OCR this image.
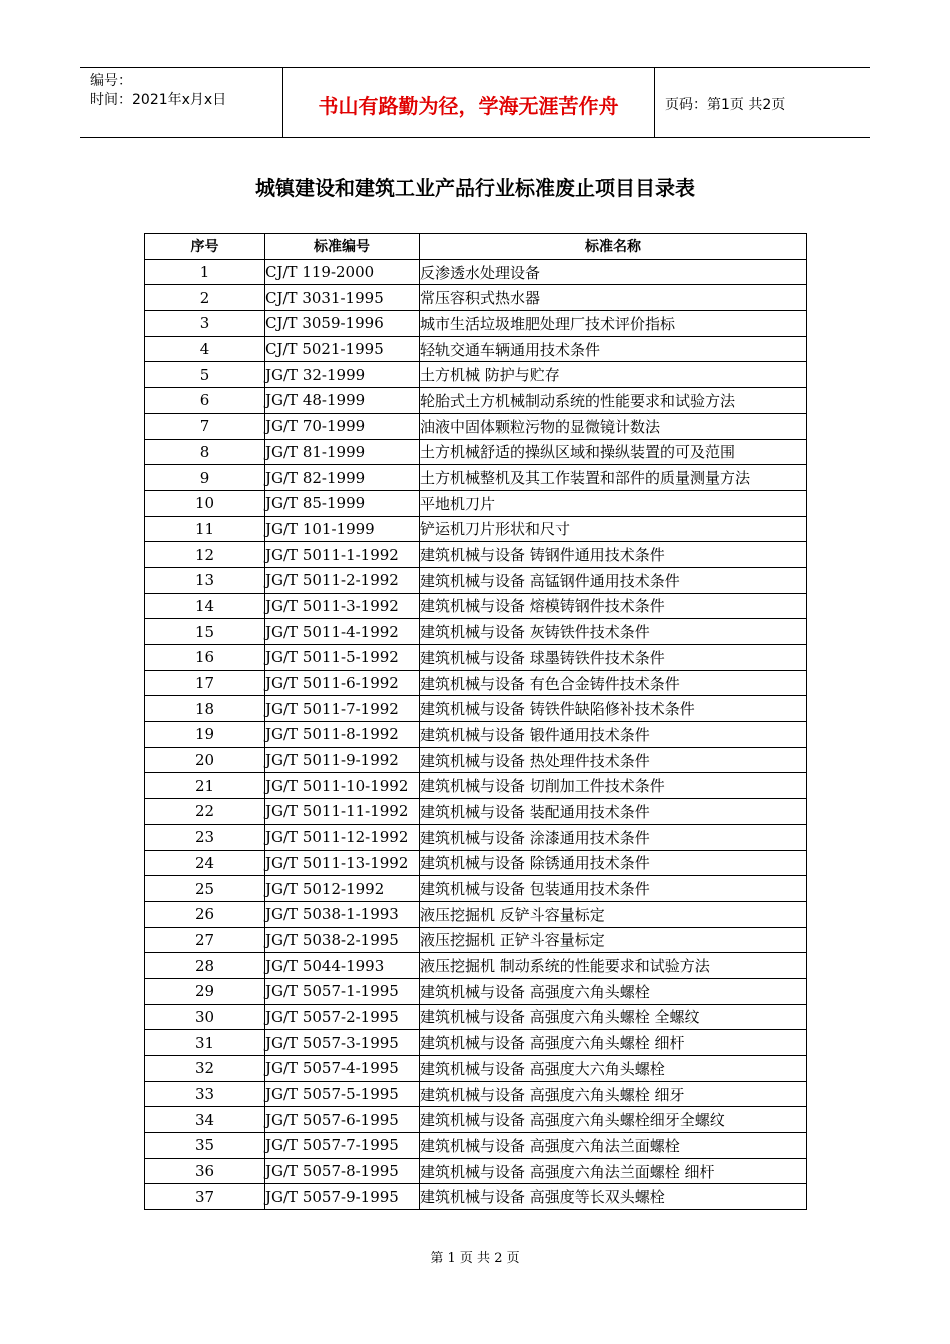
编号：
时间：2021年x月x日	书山有路勤为径，学海无涯苦作舟	页码：第1页 共2页
城镇建设和建筑工业产品行业标准废止项目目录表
序号	标准编号	标准名称
1	CJ/T 119-2000	反渗透水处理设备
2	CJ/T 3031-1995	常压容积式热水器
3	CJ/T 3059-1996	城市生活垃圾堆肥处理厂技术评价指标
4	CJ/T 5021-1995	轻轨交通车辆通用技术条件
5	JG/T 32-1999	土方机械 防护与贮存
6	JG/T 48-1999	轮胎式土方机械制动系统的性能要求和试验方法
7	JG/T 70-1999	油液中固体颗粒污物的显微镜计数法
8	JG/T 81-1999	土方机械舒适的操纵区域和操纵装置的可及范围
9	JG/T 82-1999	土方机械整机及其工作装置和部件的质量测量方法
10	JG/T 85-1999	平地机刀片
11	JG/T 101-1999	铲运机刀片形状和尺寸
12	JG/T 5011-1-1992	建筑机械与设备 铸钢件通用技术条件
13	JG/T 5011-2-1992	建筑机械与设备 高锰钢件通用技术条件
14	JG/T 5011-3-1992	建筑机械与设备 熔模铸钢件技术条件
15	JG/T 5011-4-1992	建筑机械与设备 灰铸铁件技术条件
16	JG/T 5011-5-1992	建筑机械与设备 球墨铸铁件技术条件
17	JG/T 5011-6-1992	建筑机械与设备 有色合金铸件技术条件
18	JG/T 5011-7-1992	建筑机械与设备 铸铁件缺陷修补技术条件
19	JG/T 5011-8-1992	建筑机械与设备 锻件通用技术条件
20	JG/T 5011-9-1992	建筑机械与设备 热处理件技术条件
21	JG/T 5011-10-1992	建筑机械与设备 切削加工件技术条件
22	JG/T 5011-11-1992	建筑机械与设备 装配通用技术条件
23	JG/T 5011-12-1992	建筑机械与设备 涂漆通用技术条件
24	JG/T 5011-13-1992	建筑机械与设备 除锈通用技术条件
25	JG/T 5012-1992	建筑机械与设备 包装通用技术条件
26	JG/T 5038-1-1993	液压挖掘机 反铲斗容量标定
27	JG/T 5038-2-1995	液压挖掘机 正铲斗容量标定
28	JG/T 5044-1993	液压挖掘机 制动系统的性能要求和试验方法
29	JG/T 5057-1-1995	建筑机械与设备 高强度六角头螺栓
30	JG/T 5057-2-1995	建筑机械与设备 高强度六角头螺栓 全螺纹
31	JG/T 5057-3-1995	建筑机械与设备 高强度六角头螺栓 细杆
32	JG/T 5057-4-1995	建筑机械与设备 高强度大六角头螺栓
33	JG/T 5057-5-1995	建筑机械与设备 高强度六角头螺栓 细牙
34	JG/T 5057-6-1995	建筑机械与设备 高强度六角头螺栓细牙全螺纹
35	JG/T 5057-7-1995	建筑机械与设备 高强度六角法兰面螺栓
36	JG/T 5057-8-1995	建筑机械与设备 高强度六角法兰面螺栓 细杆
37	JG/T 5057-9-1995	建筑机械与设备 高强度等长双头螺栓
第 1 页 共 2 页
